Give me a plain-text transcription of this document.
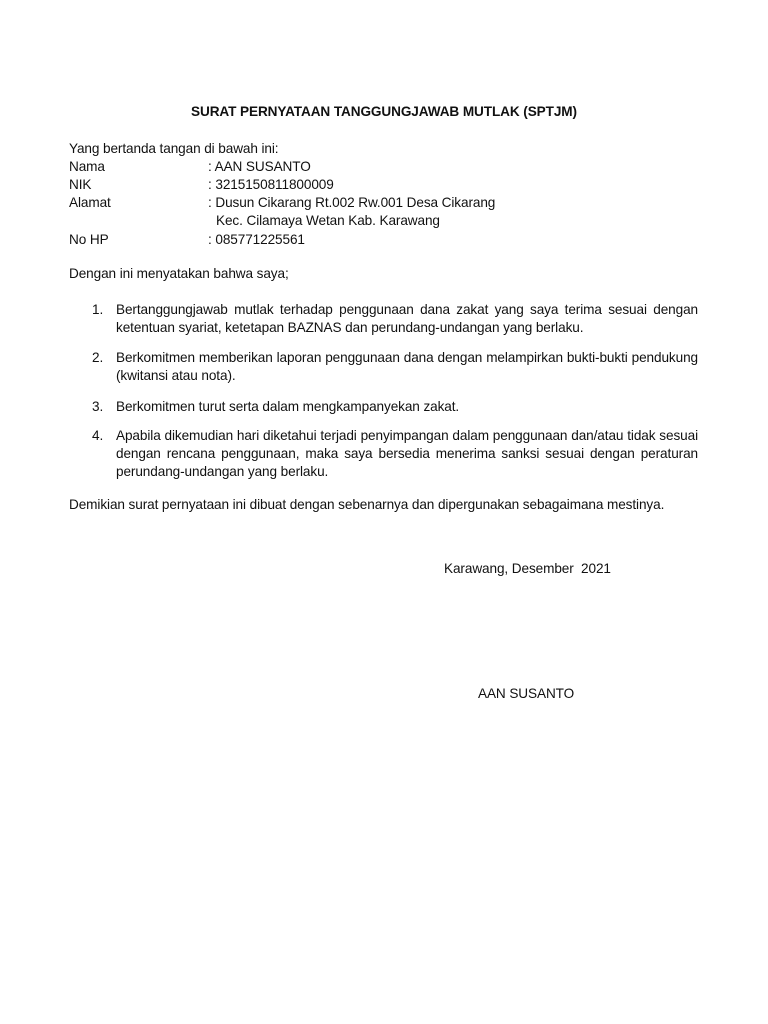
SURAT PERNYATAAN TANGGUNGJAWAB MUTLAK (SPTJM)
Yang bertanda tangan di bawah ini:
Nama	: AAN SUSANTO
NIK	: 3215150811800009
Alamat	: Dusun Cikarang Rt.002 Rw.001 Desa Cikarang
Kec. Cilamaya Wetan Kab. Karawang
No HP	: 085771225561
Dengan ini menyatakan bahwa saya;
1. Bertanggungjawab mutlak terhadap penggunaan dana zakat yang saya terima sesuai dengan ketentuan syariat, ketetapan BAZNAS dan perundang-undangan yang berlaku.
2. Berkomitmen memberikan laporan penggunaan dana dengan melampirkan bukti-bukti pendukung (kwitansi atau nota).
3. Berkomitmen turut serta dalam mengkampanyekan zakat.
4. Apabila dikemudian hari diketahui terjadi penyimpangan dalam penggunaan dan/atau tidak sesuai dengan rencana penggunaan, maka saya bersedia menerima sanksi sesuai dengan peraturan perundang-undangan yang berlaku.
Demikian surat pernyataan ini dibuat dengan sebenarnya dan dipergunakan sebagaimana mestinya.
Karawang, Desember  2021
AAN SUSANTO
